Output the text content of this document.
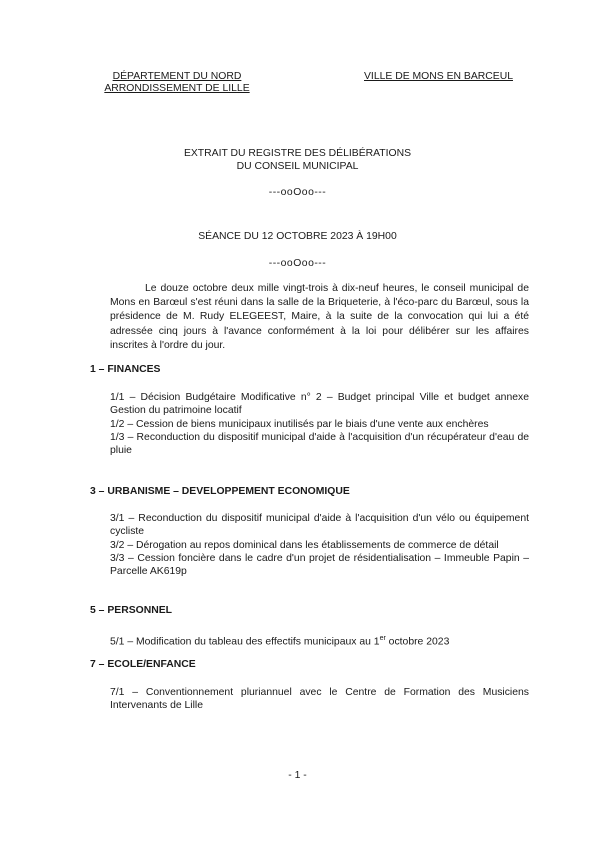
DÉPARTEMENT DU NORD
ARRONDISSEMENT DE LILLE
VILLE DE MONS EN BARCEUL
EXTRAIT DU REGISTRE DES DÉLIBÉRATIONS
DU CONSEIL MUNICIPAL
---ooOoo---
SÉANCE DU 12 OCTOBRE 2023 À 19H00
---ooOoo---

Le douze octobre deux mille vingt-trois à dix-neuf heures, le conseil municipal de Mons en Barœul s'est réuni dans la salle de la Briqueterie, à l'éco-parc du Barœul, sous la présidence de M. Rudy ELEGEEST, Maire, à la suite de la convocation qui lui a été adressée cinq jours à l'avance conformément à la loi pour délibérer sur les affaires inscrites à l'ordre du jour.

1 – FINANCES

1/1 – Décision Budgétaire Modificative n° 2 – Budget principal Ville et budget annexe Gestion du patrimoine locatif

1/2 – Cession de biens municipaux inutilisés par le biais d'une vente aux enchères

1/3 – Reconduction du dispositif municipal d'aide à l'acquisition d'un récupérateur d'eau de pluie

3 – URBANISME – DEVELOPPEMENT ECONOMIQUE

3/1 – Reconduction du dispositif municipal d'aide à l'acquisition d'un vélo ou équipement cycliste

3/2 – Dérogation au repos dominical dans les établissements de commerce de détail

3/3 – Cession foncière dans le cadre d'un projet de résidentialisation – Immeuble Papin – Parcelle AK619p

5 – PERSONNEL

5/1 – Modification du tableau des effectifs municipaux au 1er octobre 2023

7 – ECOLE/ENFANCE

7/1 – Conventionnement pluriannuel avec le Centre de Formation des Musiciens Intervenants de Lille

- 1 -
